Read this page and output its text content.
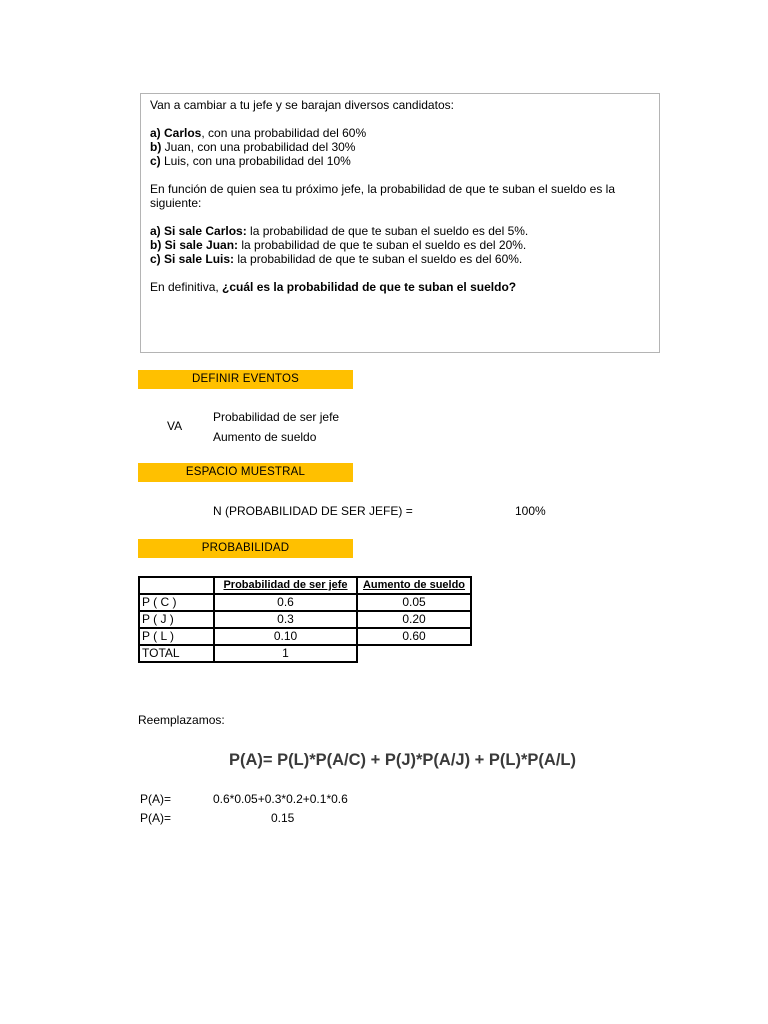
Van a cambiar a tu jefe y se barajan diversos candidatos:

a) Carlos, con una probabilidad del 60%

b) Juan, con una probabilidad del 30%

c) Luis, con una probabilidad del 10%

En función de quien sea tu próximo jefe, la probabilidad de que te suban el sueldo es la siguiente:

a) Si sale Carlos: la probabilidad de que te suban el sueldo es del 5%.

b) Si sale Juan: la probabilidad de que te suban el sueldo es del 20%.

c) Si sale Luis: la probabilidad de que te suban el sueldo es del 60%.

En definitiva, ¿cuál es la probabilidad de que te suban el sueldo?

DEFINIR EVENTOS
VA
Probabilidad de ser jefe
Aumento de sueldo
ESPACIO MUESTRAL
N (PROBABILIDAD DE SER JEFE) =	100%
PROBABILIDAD
	Probabilidad de ser jefe	Aumento de sueldo
P ( C )	0.6	0.05
P ( J )	0.3	0.20
P ( L )	0.10	0.60
TOTAL	1	
Reemplazamos:
P(A)= P(L)*P(A/C) + P(J)*P(A/J) + P(L)*P(A/L)
P(A)=	0.6*0.05+0.3*0.2+0.1*0.6
P(A)=	0.15
